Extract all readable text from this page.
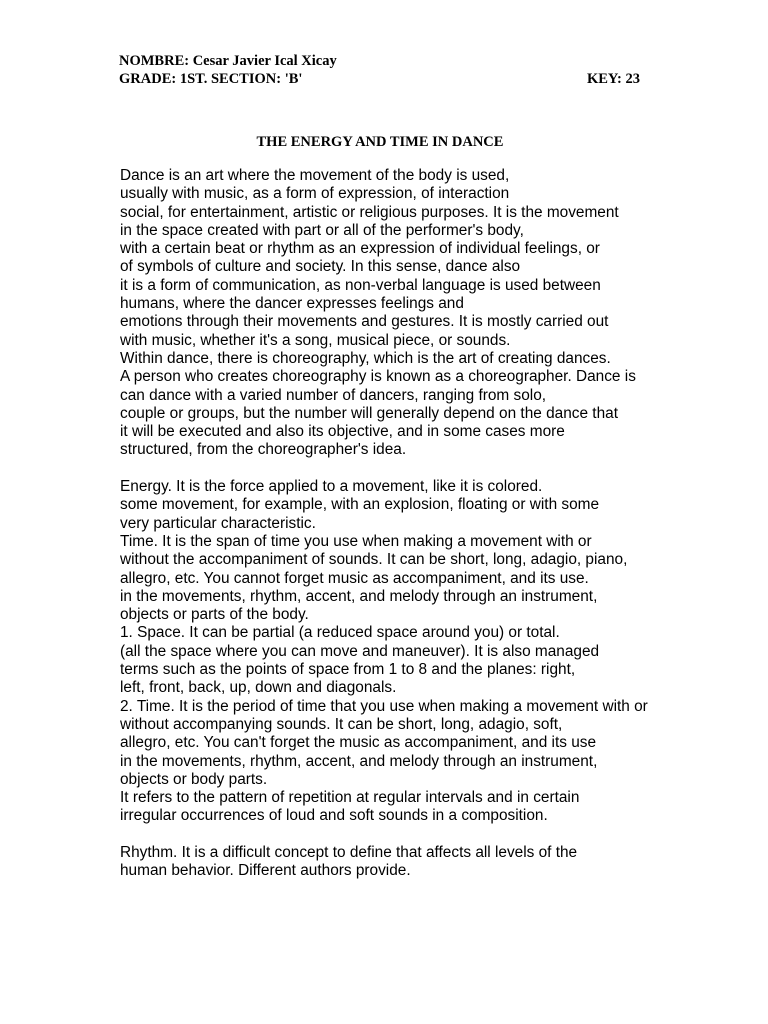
NOMBRE: Cesar Javier Ical Xicay
GRADE: 1ST. SECTION: 'B'	KEY: 23
THE ENERGY AND TIME IN DANCE
Dance is an art where the movement of the body is used,
usually with music, as a form of expression, of interaction
social, for entertainment, artistic or religious purposes. It is the movement
in the space created with part or all of the performer's body,
with a certain beat or rhythm as an expression of individual feelings, or
of symbols of culture and society. In this sense, dance also
it is a form of communication, as non-verbal language is used between
humans, where the dancer expresses feelings and
emotions through their movements and gestures. It is mostly carried out
with music, whether it's a song, musical piece, or sounds.
Within dance, there is choreography, which is the art of creating dances.
A person who creates choreography is known as a choreographer. Dance is
can dance with a varied number of dancers, ranging from solo,
couple or groups, but the number will generally depend on the dance that
it will be executed and also its objective, and in some cases more
structured, from the choreographer's idea.
Energy. It is the force applied to a movement, like it is colored.
some movement, for example, with an explosion, floating or with some
very particular characteristic.
Time. It is the span of time you use when making a movement with or
without the accompaniment of sounds. It can be short, long, adagio, piano,
allegro, etc. You cannot forget music as accompaniment, and its use.
in the movements, rhythm, accent, and melody through an instrument,
objects or parts of the body.
1. Space. It can be partial (a reduced space around you) or total.
(all the space where you can move and maneuver). It is also managed
terms such as the points of space from 1 to 8 and the planes: right,
left, front, back, up, down and diagonals.
2. Time. It is the period of time that you use when making a movement with or
without accompanying sounds. It can be short, long, adagio, soft,
allegro, etc. You can't forget the music as accompaniment, and its use
in the movements, rhythm, accent, and melody through an instrument,
objects or body parts.
It refers to the pattern of repetition at regular intervals and in certain
irregular occurrences of loud and soft sounds in a composition.
Rhythm. It is a difficult concept to define that affects all levels of the
human behavior. Different authors provide.
